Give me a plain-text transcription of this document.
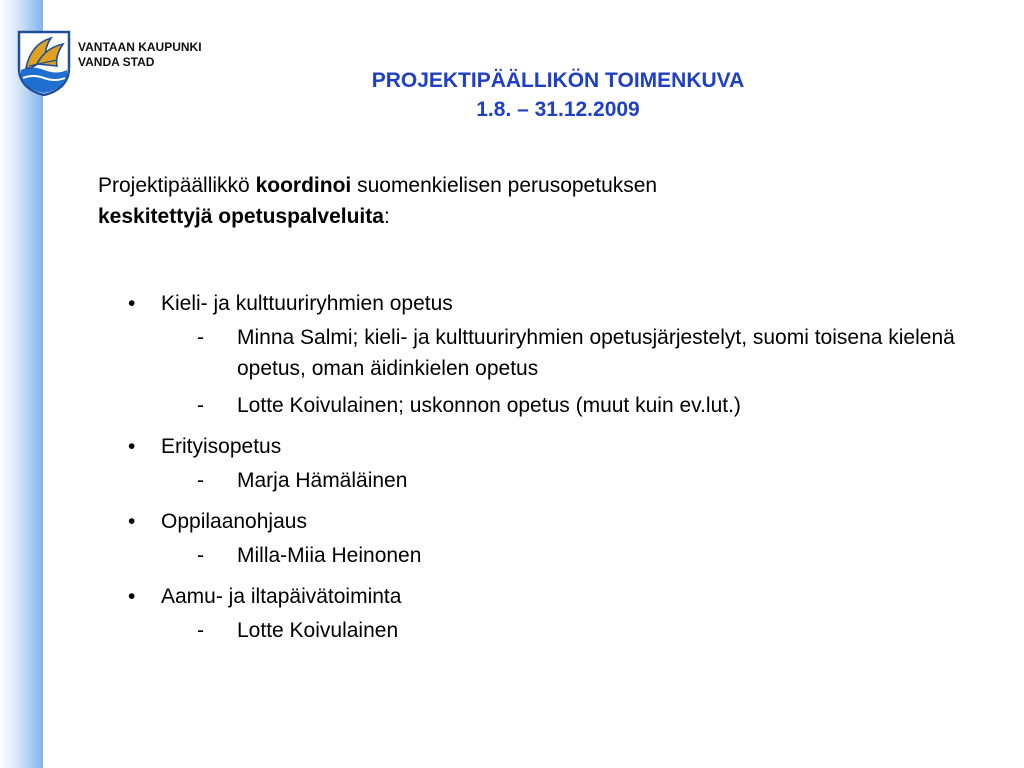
VANTAAN KAUPUNKI
VANDA STAD
PROJEKTIPÄÄLLIKÖN TOIMENKUVA
1.8. – 31.12.2009
Projektipäällikkö koordinoi suomenkielisen perusopetuksen
keskitettyjä opetuspalveluita:
• Kieli- ja kulttuuriryhmien opetus
- Minna Salmi; kieli- ja kulttuuriryhmien opetusjärjestelyt, suomi toisena kielenä opetus, oman äidinkielen opetus
- Lotte Koivulainen; uskonnon opetus (muut kuin ev.lut.)
• Erityisopetus
- Marja Hämäläinen
• Oppilaanohjaus
- Milla-Miia Heinonen
• Aamu- ja iltapäivätoiminta
- Lotte Koivulainen
